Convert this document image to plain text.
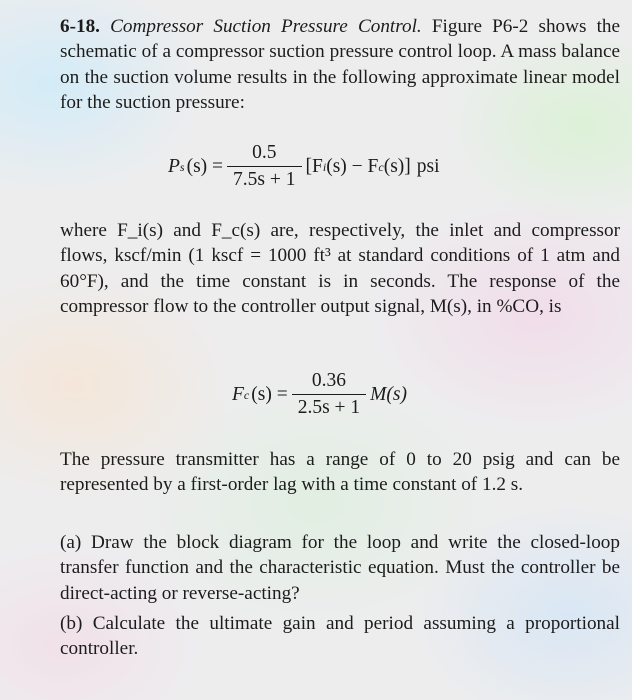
6-18. Compressor Suction Pressure Control. Figure P6-2 shows the schematic of a compressor suction pressure control loop. A mass balance on the suction volume results in the following approximate linear model for the suction pressure:

P s $(s) = \frac{0.5}{7.5s + 1} [F$ i (s) − F c (s)] psi

where F_i(s) and F_c(s) are, respectively, the inlet and compressor flows, kscf/min (1 kscf = 1000 ft³ at standard conditions of 1 atm and 60°F), and the time constant is in seconds. The response of the compressor flow to the controller output signal, M(s), in %CO, is

F c $(s) = \frac{0.36}{2.5s + 1} M(s)$

The pressure transmitter has a range of 0 to 20 psig and can be represented by a first-order lag with a time constant of 1.2 s.

(a) Draw the block diagram for the loop and write the closed-loop transfer function and the characteristic equation. Must the controller be direct-acting or reverse-acting?

(b) Calculate the ultimate gain and period assuming a proportional controller.
